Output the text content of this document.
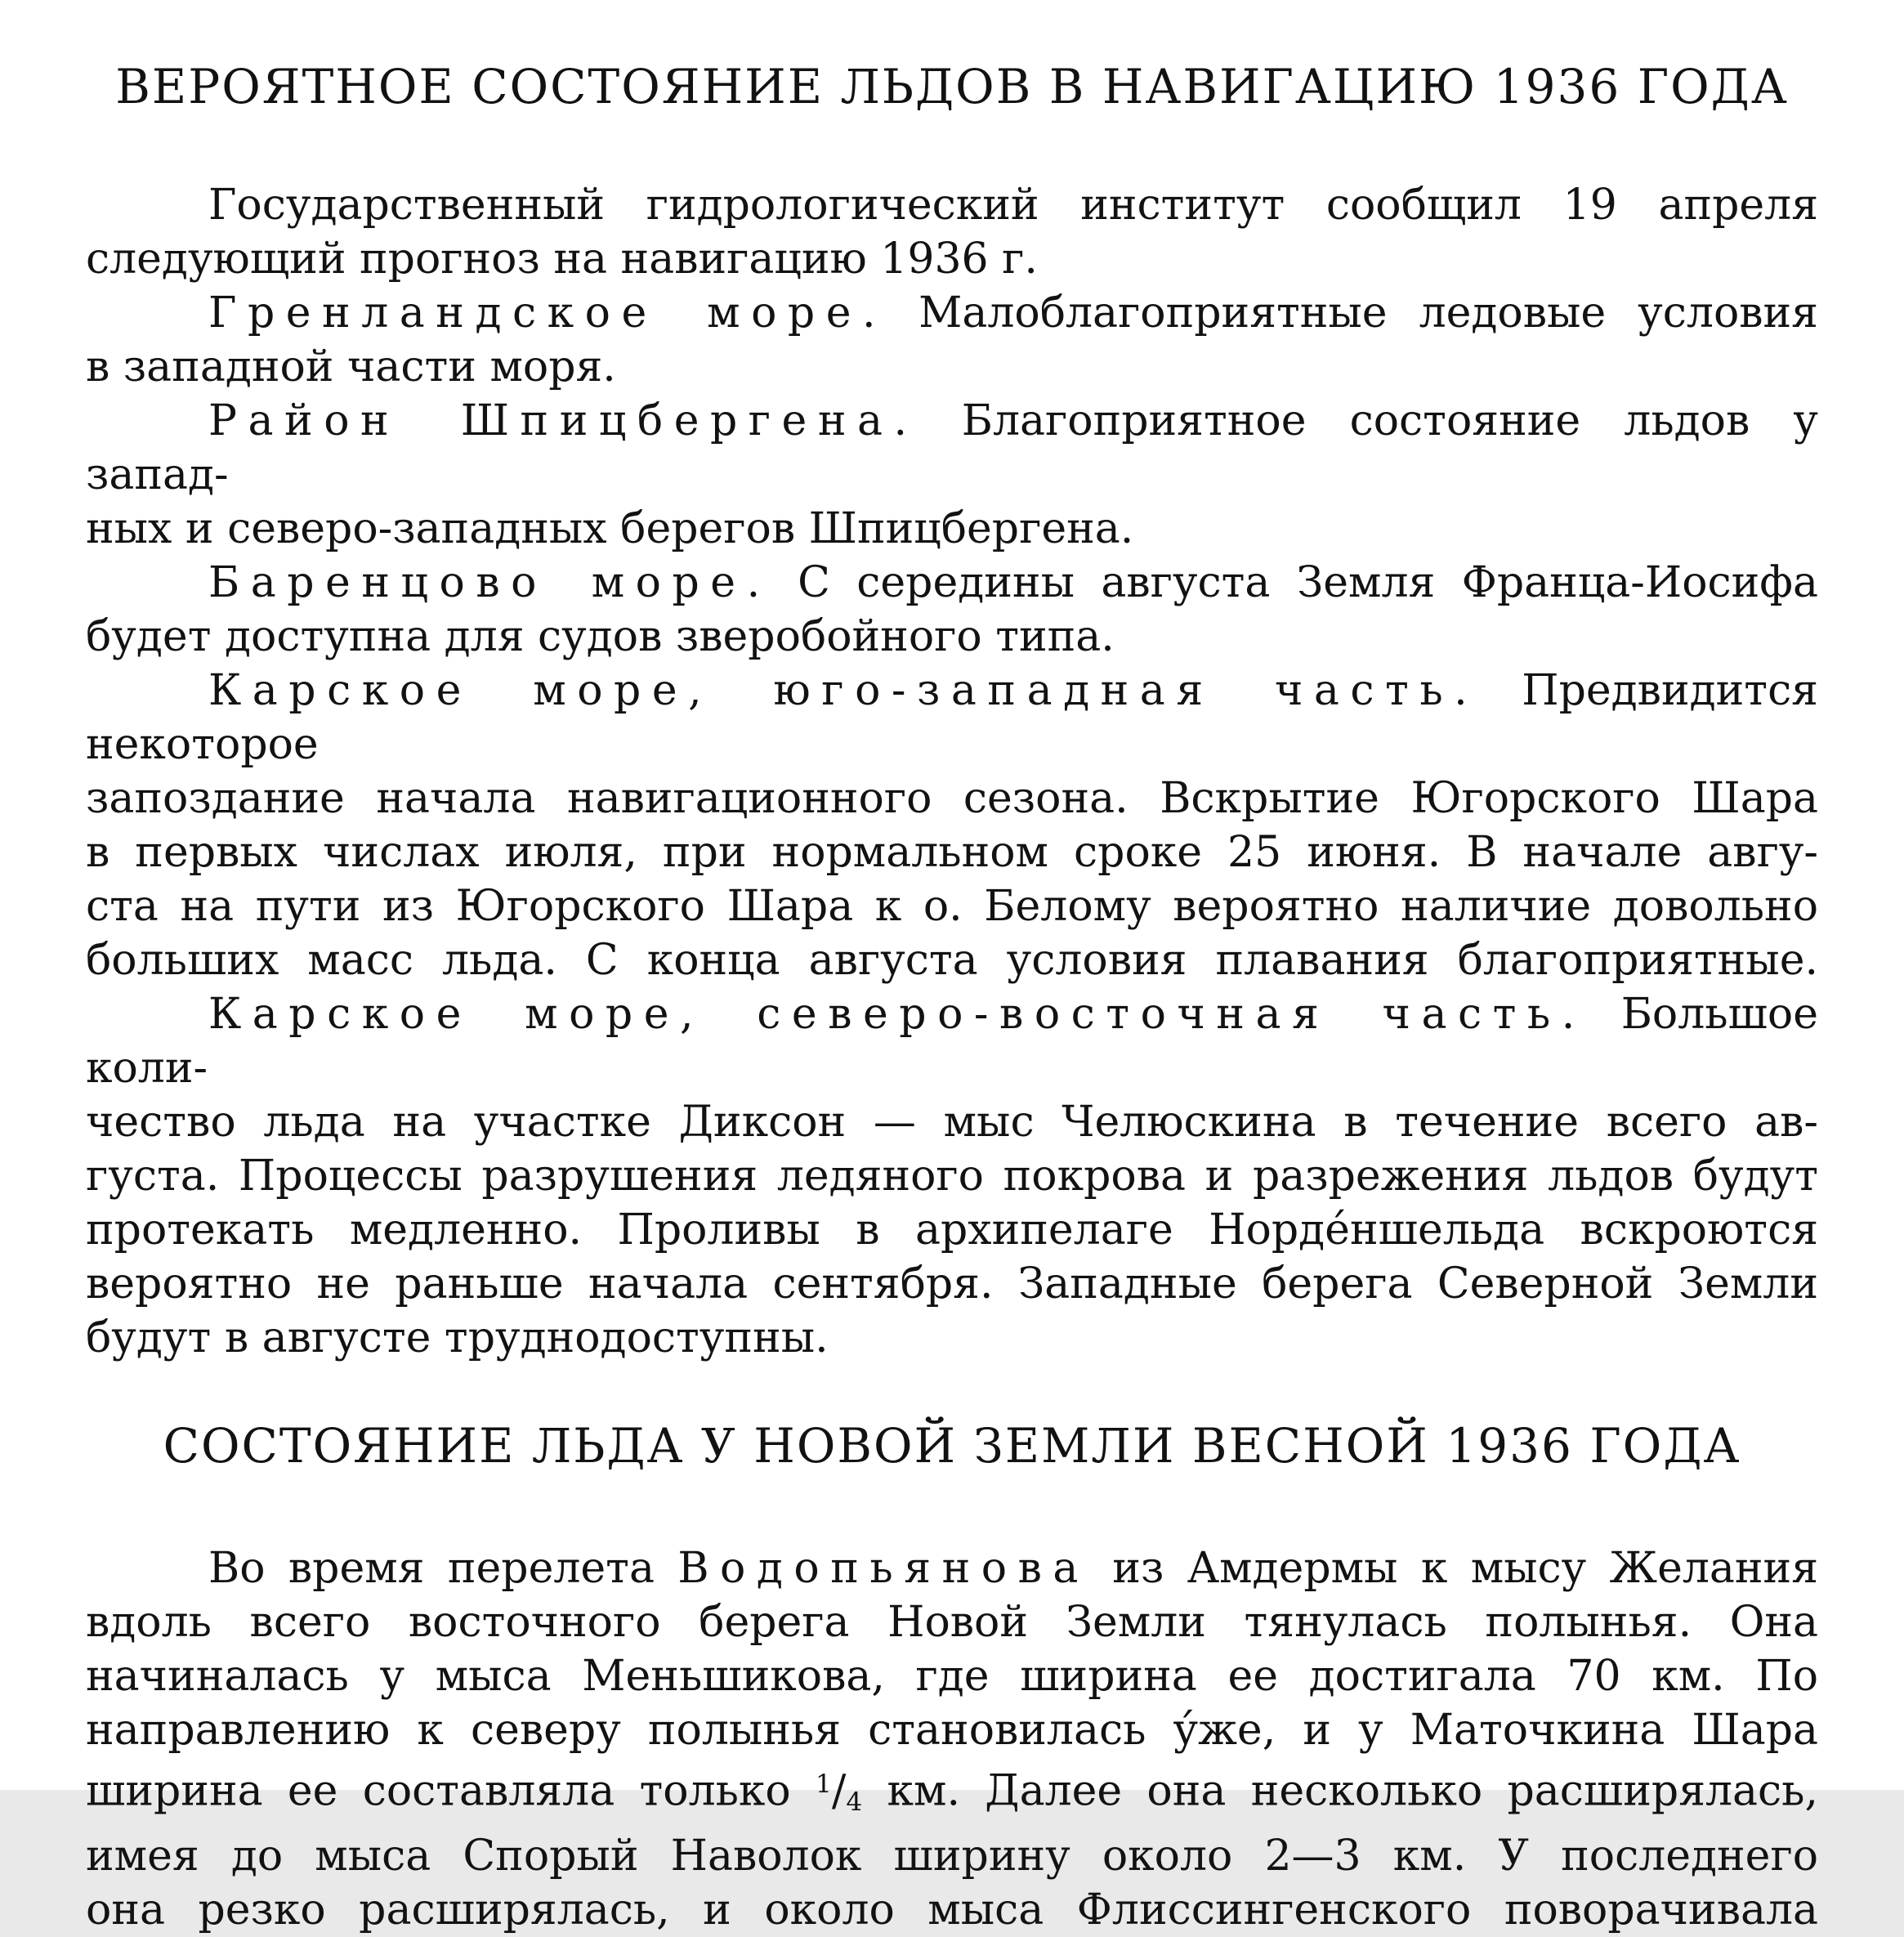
ВЕРОЯТНОЕ СОСТОЯНИЕ ЛЬДОВ В НАВИГАЦИЮ 1936 ГОДА
Государственный гидрологический институт сообщил 19 апреля
следующий прогноз на навигацию 1936 г.
Гренландское море. Малоблагоприятные ледовые условия
в западной части моря.
Район Шпицбергена. Благоприятное состояние льдов у запад-
ных и северо-западных берегов Шпицбергена.
Баренцово море. С середины августа Земля Франца-Иосифа
будет доступна для судов зверобойного типа.
Карское море, юго-западная часть. Предвидится некоторое
запоздание начала навигационного сезона. Вскрытие Югорского Шара
в первых числах июля, при нормальном сроке 25 июня. В начале авгу-
ста на пути из Югорского Шара к о. Белому вероятно наличие довольно
больших масс льда. С конца августа условия плавания благоприятные.
Карское море, северо-восточная часть. Большое коли-
чество льда на участке Диксон — мыс Челюскина в течение всего ав-
густа. Процессы разрушения ледяного покрова и разрежения льдов будут
протекать медленно. Проливы в архипелаге Норде́ншельда вскроются
вероятно не раньше начала сентября. Западные берега Северной Земли
будут в августе труднодоступны.
СОСТОЯНИЕ ЛЬДА У НОВОЙ ЗЕМЛИ ВЕСНОЙ 1936 ГОДА
Во время перелета Водопьянова из Амдермы к мысу Желания
вдоль всего восточного берега Новой Земли тянулась полынья. Она
начиналась у мыса Меньшикова, где ширина ее достигала 70 км. По
направлению к северу полынья становилась у́же, и у Маточкина Шара
ширина ее составляла только $^1/_4$ км. Далее она несколько расширялась,
имея до мыса Спорый Наволок ширину около 2—3 км. У последнего
она резко расширялась, и около мыса Флиссингенского поворачивала
